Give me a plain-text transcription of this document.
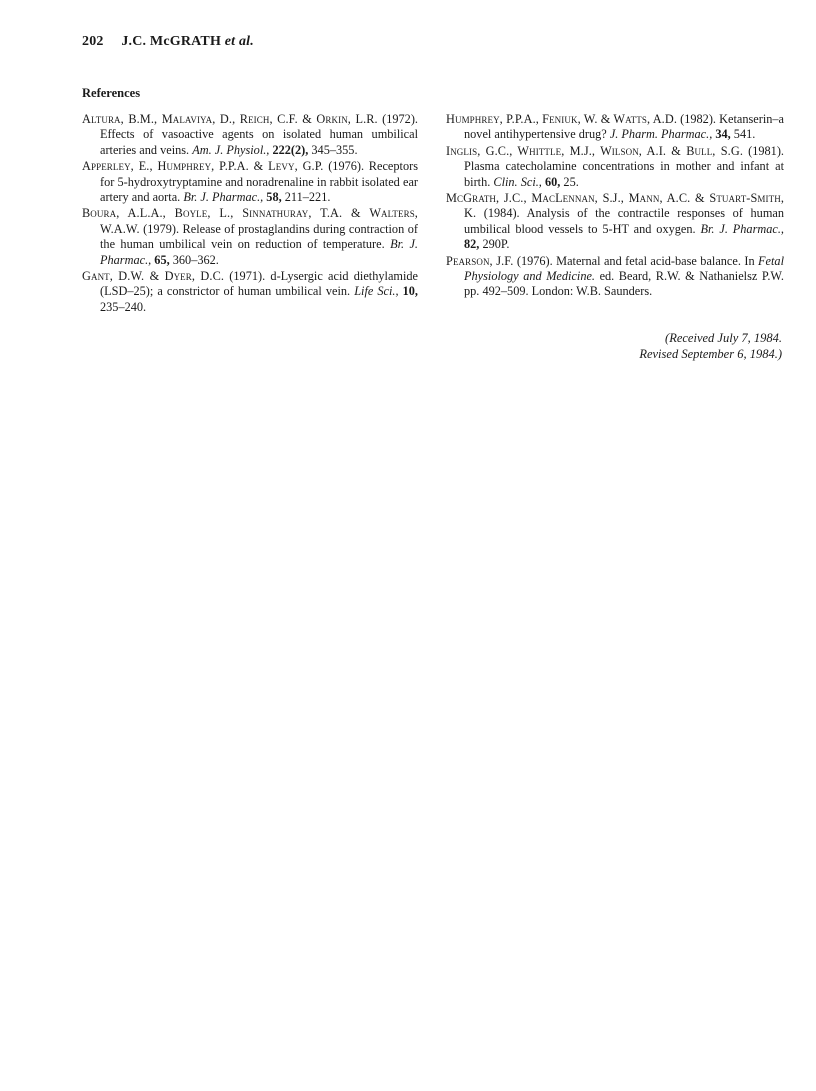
202 J.C. McGRATH et al.
References

Altura, B.M., Malaviya, D., Reich, C.F. & Orkin, L.R. (1972). Effects of vasoactive agents on isolated human umbilical arteries and veins. Am. J. Physiol., 222(2), 345–355.

Apperley, E., Humphrey, P.P.A. & Levy, G.P. (1976). Receptors for 5-hydroxytryptamine and noradrenaline in rabbit isolated ear artery and aorta. Br. J. Pharmac., 58, 211–221.

Boura, A.L.A., Boyle, L., Sinnathuray, T.A. & Walters, W.A.W. (1979). Release of prostaglandins during contraction of the human umbilical vein on reduction of temperature. Br. J. Pharmac., 65, 360–362.

Gant, D.W. & Dyer, D.C. (1971). d-Lysergic acid diethylamide (LSD–25); a constrictor of human umbilical vein. Life Sci., 10, 235–240.

Humphrey, P.P.A., Feniuk, W. & Watts, A.D. (1982). Ketanserin–a novel antihypertensive drug? J. Pharm. Pharmac., 34, 541.

Inglis, G.C., Whittle, M.J., Wilson, A.I. & Bull, S.G. (1981). Plasma catecholamine concentrations in mother and infant at birth. Clin. Sci., 60, 25.

McGrath, J.C., MacLennan, S.J., Mann, A.C. & Stuart-Smith, K. (1984). Analysis of the contractile responses of human umbilical blood vessels to 5-HT and oxygen. Br. J. Pharmac., 82, 290P.

Pearson, J.F. (1976). Maternal and fetal acid-base balance. In Fetal Physiology and Medicine. ed. Beard, R.W. & Nathanielsz P.W. pp. 492–509. London: W.B. Saunders.

(Received July 7, 1984.
Revised September 6, 1984.)
